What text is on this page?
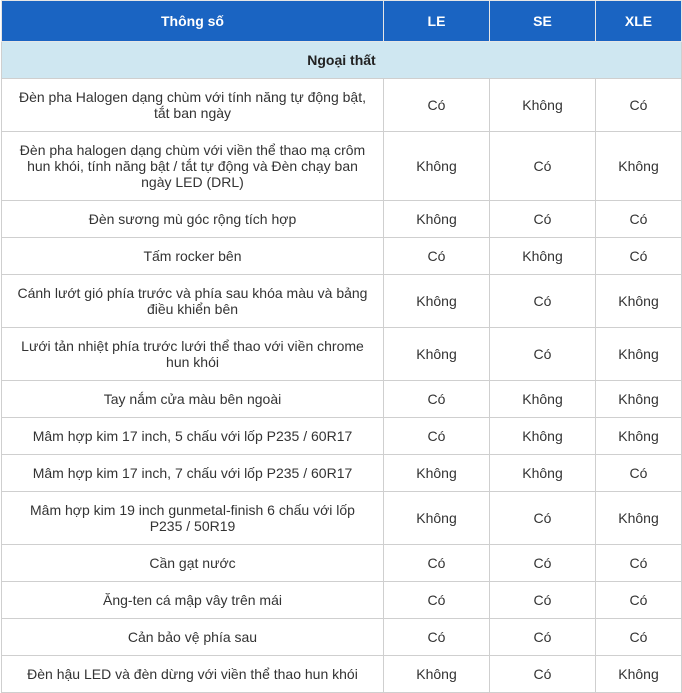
Thông số	LE	SE	XLE
Ngoại thất			
Đèn pha Halogen dạng chùm với tính năng tự động bật, tắt ban ngày	Có	Không	Có
Đèn pha halogen dạng chùm với viền thể thao mạ crôm hun khói, tính năng bật / tắt tự động và Đèn chạy ban ngày LED (DRL)	Không	Có	Không
Đèn sương mù góc rộng tích hợp	Không	Có	Có
Tấm rocker bên	Có	Không	Có
Cánh lướt gió phía trước và phía sau khóa màu và bảng điều khiển bên	Không	Có	Không
Lưới tản nhiệt phía trước lưới thể thao với viền chrome hun khói	Không	Có	Không
Tay nắm cửa màu bên ngoài	Có	Không	Không
Mâm hợp kim 17 inch, 5 chấu với lốp P235 / 60R17	Có	Không	Không
Mâm hợp kim 17 inch, 7 chấu với lốp P235 / 60R17	Không	Không	Có
Mâm hợp kim 19 inch gunmetal-finish 6 chấu với lốp P235 / 50R19	Không	Có	Không
Cần gạt nước	Có	Có	Có
Ăng-ten cá mập vây trên mái	Có	Có	Có
Cản bảo vệ phía sau	Có	Có	Có
Đèn hậu LED và đèn dừng với viền thể thao hun khói	Không	Có	Không
